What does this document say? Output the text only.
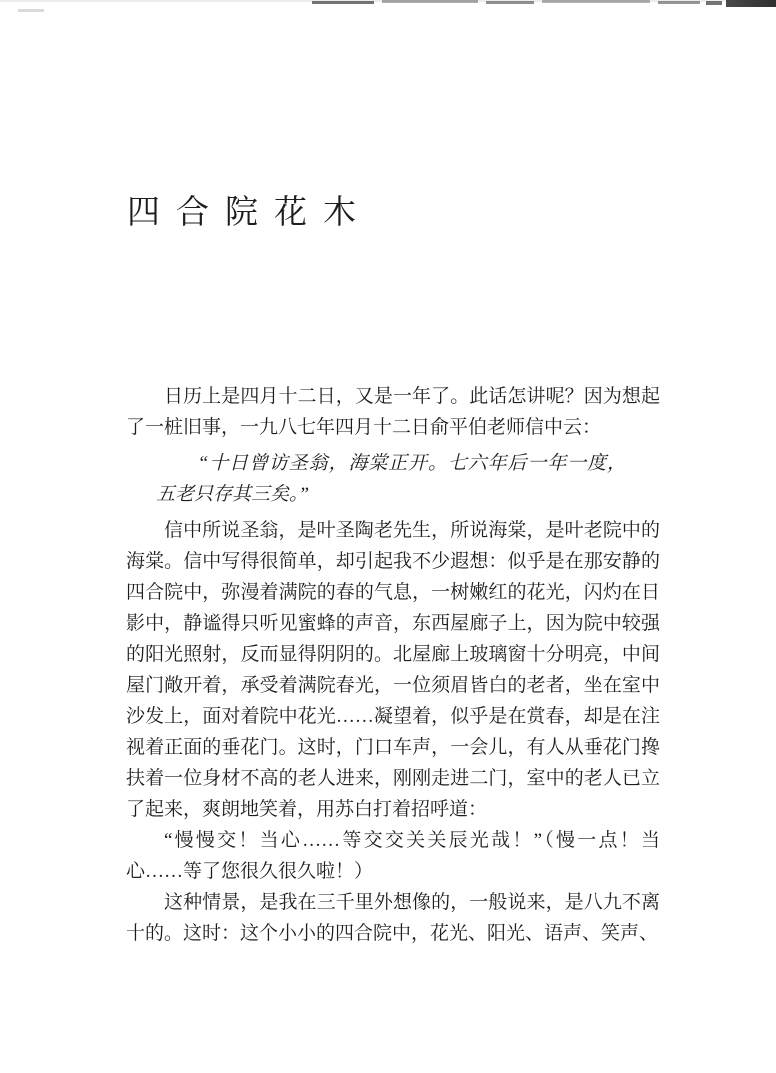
四合院花木

日历上是四月十二日，又是一年了。此话怎讲呢？因为想起了一桩旧事，一九八七年四月十二日俞平伯老师信中云：

“十日曾访圣翁，海棠正开。七六年后一年一度，五老只存其三矣。”

信中所说圣翁，是叶圣陶老先生，所说海棠，是叶老院中的海棠。信中写得很简单，却引起我不少遐想：似乎是在那安静的四合院中，弥漫着满院的春的气息，一树嫩红的花光，闪灼在日影中，静谧得只听见蜜蜂的声音，东西屋廊子上，因为院中较强的阳光照射，反而显得阴阴的。北屋廊上玻璃窗十分明亮，中间屋门敞开着，承受着满院春光，一位须眉皆白的老者，坐在室中沙发上，面对着院中花光……凝望着，似乎是在赏春，却是在注视着正面的垂花门。这时，门口车声，一会儿，有人从垂花门搀扶着一位身材不高的老人进来，刚刚走进二门，室中的老人已立了起来，爽朗地笑着，用苏白打着招呼道：

“慢慢交！当心……等交交关关辰光哉！”（慢一点！当心……等了您很久很久啦！）

这种情景，是我在三千里外想像的，一般说来，是八九不离十的。这时：这个小小的四合院中，花光、阳光、语声、笑声、
